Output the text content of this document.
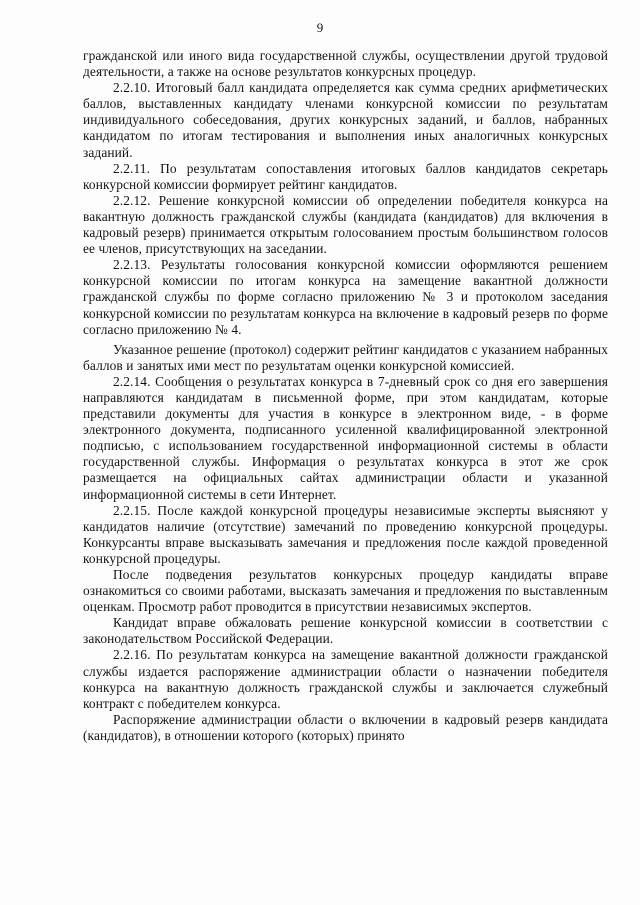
9

гражданской или иного вида государственной службы, осуществлении другой трудовой деятельности, а также на основе результатов конкурсных процедур.

2.2.10. Итоговый балл кандидата определяется как сумма средних арифметических баллов, выставленных кандидату членами конкурсной комиссии по результатам индивидуального собеседования, других конкурсных заданий, и баллов, набранных кандидатом по итогам тестирования и выполнения иных аналогичных конкурсных заданий.

2.2.11. По результатам сопоставления итоговых баллов кандидатов секретарь конкурсной комиссии формирует рейтинг кандидатов.

2.2.12. Решение конкурсной комиссии об определении победителя конкурса на вакантную должность гражданской службы (кандидата (кандидатов) для включения в кадровый резерв) принимается открытым голосованием простым большинством голосов ее членов, присутствующих на заседании.

2.2.13. Результаты голосования конкурсной комиссии оформляются решением конкурсной комиссии по итогам конкурса на замещение вакантной должности гражданской службы по форме согласно приложению № 3 и протоколом заседания конкурсной комиссии по результатам конкурса на включение в кадровый резерв по форме согласно приложению № 4.

Указанное решение (протокол) содержит рейтинг кандидатов с указанием набранных баллов и занятых ими мест по результатам оценки конкурсной комиссией.

2.2.14. Сообщения о результатах конкурса в 7-дневный срок со дня его завершения направляются кандидатам в письменной форме, при этом кандидатам, которые представили документы для участия в конкурсе в электронном виде, - в форме электронного документа, подписанного усиленной квалифицированной электронной подписью, с использованием государственной информационной системы в области государственной службы. Информация о результатах конкурса в этот же срок размещается на официальных сайтах администрации области и указанной информационной системы в сети Интернет.

2.2.15. После каждой конкурсной процедуры независимые эксперты выясняют у кандидатов наличие (отсутствие) замечаний по проведению конкурсной процедуры. Конкурсанты вправе высказывать замечания и предложения после каждой проведенной конкурсной процедуры.

После подведения результатов конкурсных процедур кандидаты вправе ознакомиться со своими работами, высказать замечания и предложения по выставленным оценкам. Просмотр работ проводится в присутствии независимых экспертов.

Кандидат вправе обжаловать решение конкурсной комиссии в соответствии с законодательством Российской Федерации.

2.2.16. По результатам конкурса на замещение вакантной должности гражданской службы издается распоряжение администрации области о назначении победителя конкурса на вакантную должность гражданской службы и заключается служебный контракт с победителем конкурса.

Распоряжение администрации области о включении в кадровый резерв кандидата (кандидатов), в отношении которого (которых) принято
